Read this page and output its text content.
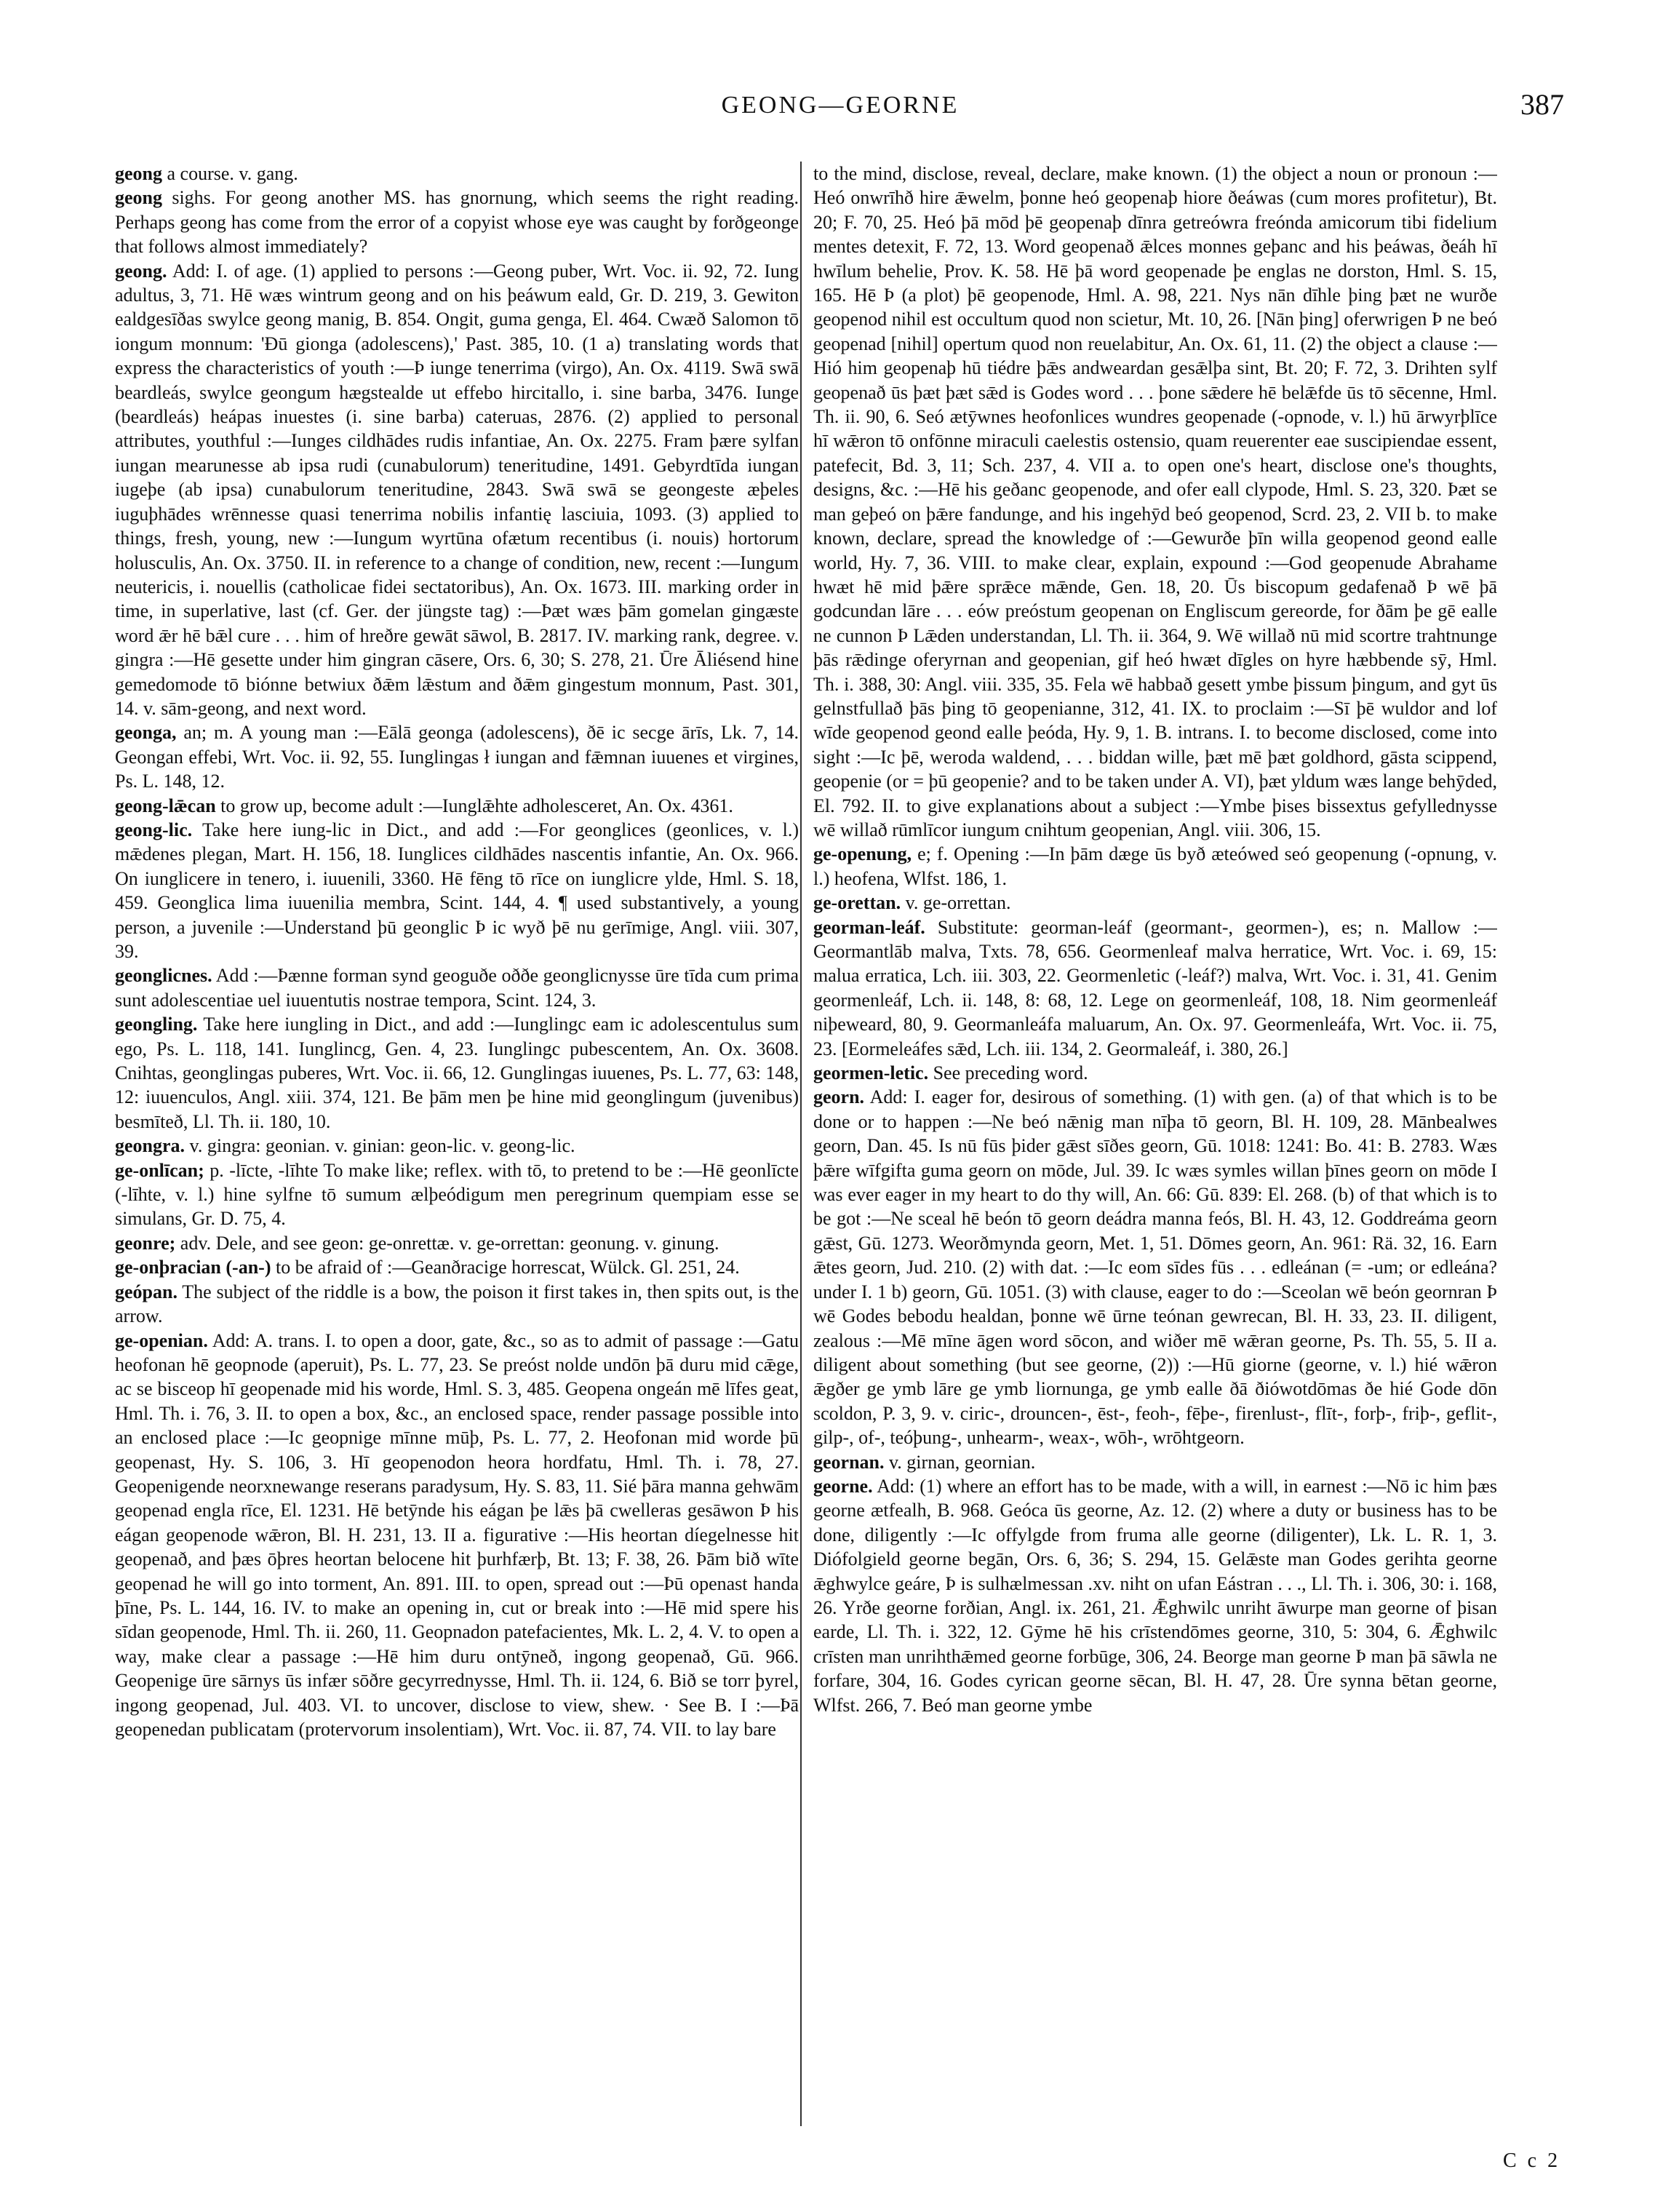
GEONG—GEORNE	387

geong a course. v. gang.

geong sighs. For geong another MS. has gnornung, which seems the right reading. Perhaps geong has come from the error of a copyist whose eye was caught by forðgeonge that follows almost immediately?

geong. Add: I. of age. (1) applied to persons :—Geong puber, Wrt. Voc. ii. 92, 72. Iung adultus, 3, 71. Hē wæs wintrum geong and on his þeáwum eald, Gr. D. 219, 3. Gewiton ealdgesīðas swylce geong manig, B. 854. Ongit, guma genga, El. 464. Cwæð Salomon tō iongum monnum: 'Ðū gionga (adolescens),' Past. 385, 10. (1 a) translating words that express the characteristics of youth :—Þ iunge tenerrima (virgo), An. Ox. 4119. Swā swā beardleás, swylce geongum hægstealde ut effebo hircitallo, i. sine barba, 3476. Iunge (beardleás) heápas inuestes (i. sine barba) cateruas, 2876. (2) applied to personal attributes, youthful :—Iunges cildhādes rudis infantiae, An. Ox. 2275. Fram þære sylfan iungan mearunesse ab ipsa rudi (cunabulorum) teneritudine, 1491. Gebyrdtīda iungan iugeþe (ab ipsa) cunabulorum teneritudine, 2843. Swā swā se geongeste æþeles iuguþhādes wrēnnesse quasi tenerrima nobilis infantię lasciuia, 1093. (3) applied to things, fresh, young, new :—Iungum wyrtūna ofætum recentibus (i. nouis) hortorum holusculis, An. Ox. 3750. II. in reference to a change of condition, new, recent :—Iungum neutericis, i. nouellis (catholicae fidei sectatoribus), An. Ox. 1673. III. marking order in time, in superlative, last (cf. Ger. der jüngste tag) :—Þæt wæs þām gomelan gingæste word ǣr hē bǣl cure . . . him of hreðre gewāt sāwol, B. 2817. IV. marking rank, degree. v. gingra :—Hē gesette under him gingran cāsere, Ors. 6, 30; S. 278, 21. Ūre Āliésend hine gemedomode tō biónne betwiux ðǣm lǣstum and ðǣm gingestum monnum, Past. 301, 14. v. sām-geong, and next word.

geonga, an; m. A young man :—Eālā geonga (adolescens), ðē ic secge ārīs, Lk. 7, 14. Geongan effebi, Wrt. Voc. ii. 92, 55. Iunglingas ł iungan and fǣmnan iuuenes et virgines, Ps. L. 148, 12.

geong-lǣcan to grow up, become adult :—Iunglǣhte adholesceret, An. Ox. 4361.

geong-lic. Take here iung-lic in Dict., and add :—For geonglices (geonlices, v. l.) mǣdenes plegan, Mart. H. 156, 18. Iunglices cildhādes nascentis infantie, An. Ox. 966. On iunglicere in tenero, i. iuuenili, 3360. Hē fēng tō rīce on iunglicre ylde, Hml. S. 18, 459. Geonglica lima iuuenilia membra, Scint. 144, 4. ¶ used substantively, a young person, a juvenile :—Understand þū geonglic Þ ic wyð þē nu gerīmige, Angl. viii. 307, 39.

geonglicnes. Add :—Þænne forman synd geoguðe oððe geonglicnysse ūre tīda cum prima sunt adolescentiae uel iuuentutis nostrae tempora, Scint. 124, 3.

geongling. Take here iungling in Dict., and add :—Iunglingc eam ic adolescentulus sum ego, Ps. L. 118, 141. Iunglincg, Gen. 4, 23. Iunglingc pubescentem, An. Ox. 3608. Cnihtas, geonglingas puberes, Wrt. Voc. ii. 66, 12. Gunglingas iuuenes, Ps. L. 77, 63: 148, 12: iuuenculos, Angl. xiii. 374, 121. Be þām men þe hine mid geonglingum (juvenibus) besmīteð, Ll. Th. ii. 180, 10.

geongra. v. gingra: geonian. v. ginian: geon-lic. v. geong-lic.

ge-onlīcan; p. -līcte, -līhte To make like; reflex. with tō, to pretend to be :—Hē geonlīcte (-līhte, v. l.) hine sylfne tō sumum ælþeódigum men peregrinum quempiam esse se simulans, Gr. D. 75, 4.

geonre; adv. Dele, and see geon: ge-onrettæ. v. ge-orrettan: geonung. v. ginung.

ge-onþracian (-an-) to be afraid of :—Geanðracige horrescat, Wülck. Gl. 251, 24.

geópan. The subject of the riddle is a bow, the poison it first takes in, then spits out, is the arrow.

ge-openian. Add: A. trans. I. to open a door, gate, &c., so as to admit of passage :—Gatu heofonan hē geopnode (aperuit), Ps. L. 77, 23. Se preóst nolde undōn þā duru mid cǣge, ac se bisceop hī geopenade mid his worde, Hml. S. 3, 485. Geopena ongeán mē līfes geat, Hml. Th. i. 76, 3. II. to open a box, &c., an enclosed space, render passage possible into an enclosed place :—Ic geopnige mīnne mūþ, Ps. L. 77, 2. Heofonan mid worde þū geopenast, Hy. S. 106, 3. Hī geopenodon heora hordfatu, Hml. Th. i. 78, 27. Geopenigende neorxnewange reserans paradysum, Hy. S. 83, 11. Sié þāra manna gehwām geopenad engla rīce, El. 1231. Hē betȳnde his eágan þe lǣs þā cwelleras gesāwon Þ his eágan geopenode wǣron, Bl. H. 231, 13. II a. figurative :—His heortan díegelnesse hit geopenað, and þæs ōþres heortan belocene hit þurhfærþ, Bt. 13; F. 38, 26. Þām bið wīte geopenad he will go into torment, An. 891. III. to open, spread out :—Þū openast handa þīne, Ps. L. 144, 16. IV. to make an opening in, cut or break into :—Hē mid spere his sīdan geopenode, Hml. Th. ii. 260, 11. Geopnadon patefacientes, Mk. L. 2, 4. V. to open a way, make clear a passage :—Hē him duru ontȳneð, ingong geopenað, Gū. 966. Geopenige ūre sārnys ūs infær sōðre gecyrrednysse, Hml. Th. ii. 124, 6. Bið se torr þyrel, ingong geopenad, Jul. 403. VI. to uncover, disclose to view, shew. · See B. I :—Þā geopenedan publicatam (protervorum insolentiam), Wrt. Voc. ii. 87, 74. VII. to lay bare

to the mind, disclose, reveal, declare, make known. (1) the object a noun or pronoun :—Heó onwrīhð hire ǣwelm, þonne heó geopenaþ hiore ðeáwas (cum mores profitetur), Bt. 20; F. 70, 25. Heó þā mōd þē geopenaþ dīnra getreówra freónda amicorum tibi fidelium mentes detexit, F. 72, 13. Word geopenað ǣlces monnes geþanc and his þeáwas, ðeáh hī hwīlum behelie, Prov. K. 58. Hē þā word geopenade þe englas ne dorston, Hml. S. 15, 165. Hē Þ (a plot) þē geopenode, Hml. A. 98, 221. Nys nān dīhle þing þæt ne wurðe geopenod nihil est occultum quod non scietur, Mt. 10, 26. [Nān þing] oferwrigen Þ ne beó geopenad [nihil] opertum quod non reuelabitur, An. Ox. 61, 11. (2) the object a clause :—Hió him geopenaþ hū tiédre þǣs andweardan gesǣlþa sint, Bt. 20; F. 72, 3. Drihten sylf geopenað ūs þæt þæt sǣd is Godes word . . . þone sǣdere hē belǣfde ūs tō sēcenne, Hml. Th. ii. 90, 6. Seó ætȳwnes heofonlices wundres geopenade (-opnode, v. l.) hū ārwyrþlīce hī wǣron tō onfōnne miraculi caelestis ostensio, quam reuerenter eae suscipiendae essent, patefecit, Bd. 3, 11; Sch. 237, 4. VII a. to open one's heart, disclose one's thoughts, designs, &c. :—Hē his geðanc geopenode, and ofer eall clypode, Hml. S. 23, 320. Þæt se man geþeó on þǣre fandunge, and his ingehȳd beó geopenod, Scrd. 23, 2. VII b. to make known, declare, spread the knowledge of :—Gewurðe þīn willa geopenod geond ealle world, Hy. 7, 36. VIII. to make clear, explain, expound :—God geopenude Abrahame hwæt hē mid þǣre sprǣce mǣnde, Gen. 18, 20. Ūs biscopum gedafenað Þ wē þā godcundan lāre . . . eów preóstum geopenan on Engliscum gereorde, for ðām þe gē ealle ne cunnon Þ Lǣden understandan, Ll. Th. ii. 364, 9. Wē willað nū mid scortre trahtnunge þās rǣdinge oferyrnan and geopenian, gif heó hwæt dīgles on hyre hæbbende sȳ, Hml. Th. i. 388, 30: Angl. viii. 335, 35. Fela wē habbað gesett ymbe þissum þingum, and gyt ūs gelnstfullað þās þing tō geopenianne, 312, 41. IX. to proclaim :—Sī þē wuldor and lof wīde geopenod geond ealle þeóda, Hy. 9, 1. B. intrans. I. to become disclosed, come into sight :—Ic þē, weroda waldend, . . . biddan wille, þæt mē þæt goldhord, gāsta scippend, geopenie (or = þū geopenie? and to be taken under A. VI), þæt yldum wæs lange behȳded, El. 792. II. to give explanations about a subject :—Ymbe þises bissextus gefyllednysse wē willað rūmlīcor iungum cnihtum geopenian, Angl. viii. 306, 15.

ge-openung, e; f. Opening :—In þām dæge ūs byð æteówed seó geopenung (-opnung, v. l.) heofena, Wlfst. 186, 1.

ge-orettan. v. ge-orrettan.

georman-leáf. Substitute: georman-leáf (geormant-, geormen-), es; n. Mallow :—Geormantlāb malva, Txts. 78, 656. Geormenleaf malva herratice, Wrt. Voc. i. 69, 15: malua erratica, Lch. iii. 303, 22. Geormenletic (-leáf?) malva, Wrt. Voc. i. 31, 41. Genim geormenleáf, Lch. ii. 148, 8: 68, 12. Lege on geormenleáf, 108, 18. Nim geormenleáf niþeweard, 80, 9. Geormanleáfa maluarum, An. Ox. 97. Geormenleáfa, Wrt. Voc. ii. 75, 23. [Eormeleáfes sǣd, Lch. iii. 134, 2. Geormaleáf, i. 380, 26.]

geormen-letic. See preceding word.

georn. Add: I. eager for, desirous of something. (1) with gen. (a) of that which is to be done or to happen :—Ne beó nǣnig man nīþa tō georn, Bl. H. 109, 28. Mānbealwes georn, Dan. 45. Is nū fūs þider gǣst sīðes georn, Gū. 1018: 1241: Bo. 41: B. 2783. Wæs þǣre wīfgifta guma georn on mōde, Jul. 39. Ic wæs symles willan þīnes georn on mōde I was ever eager in my heart to do thy will, An. 66: Gū. 839: El. 268. (b) of that which is to be got :—Ne sceal hē beón tō georn deádra manna feós, Bl. H. 43, 12. Goddreáma georn gǣst, Gū. 1273. Weorðmynda georn, Met. 1, 51. Dōmes georn, An. 961: Rä. 32, 16. Earn ǣtes georn, Jud. 210. (2) with dat. :—Ic eom sīdes fūs . . . edleánan (= -um; or edleána? under I. 1 b) georn, Gū. 1051. (3) with clause, eager to do :—Sceolan wē beón geornran Þ wē Godes bebodu healdan, þonne wē ūrne teónan gewrecan, Bl. H. 33, 23. II. diligent, zealous :—Mē mīne āgen word sōcon, and wiðer mē wǣran georne, Ps. Th. 55, 5. II a. diligent about something (but see georne, (2)) :—Hū giorne (georne, v. l.) hié wǣron ǣgðer ge ymb lāre ge ymb liornunga, ge ymb ealle ðā ðiówotdōmas ðe hié Gode dōn scoldon, P. 3, 9. v. ciric-, drouncen-, ēst-, feoh-, fēþe-, firenlust-, flīt-, forþ-, friþ-, geflit-, gilp-, of-, teóþung-, unhearm-, weax-, wōh-, wrōhtgeorn.

geornan. v. girnan, geornian.

georne. Add: (1) where an effort has to be made, with a will, in earnest :—Nō ic him þæs georne ætfealh, B. 968. Geóca ūs georne, Az. 12. (2) where a duty or business has to be done, diligently :—Ic offylgde from fruma alle georne (diligenter), Lk. L. R. 1, 3. Diófolgield georne begān, Ors. 6, 36; S. 294, 15. Gelǣste man Godes gerihta georne ǣghwylce geáre, Þ is sulhælmessan .xv. niht on ufan Eástran . . ., Ll. Th. i. 306, 30: i. 168, 26. Yrðe georne forðian, Angl. ix. 261, 21. Ǣghwilc unriht āwurpe man georne of þisan earde, Ll. Th. i. 322, 12. Gȳme hē his crīstendōmes georne, 310, 5: 304, 6. Ǣghwilc crīsten man unrihthǣmed georne forbūge, 306, 24. Beorge man georne Þ man þā sāwla ne forfare, 304, 16. Godes cyrican georne sēcan, Bl. H. 47, 28. Ūre synna bētan georne, Wlfst. 266, 7. Beó man georne ymbe

C c 2
